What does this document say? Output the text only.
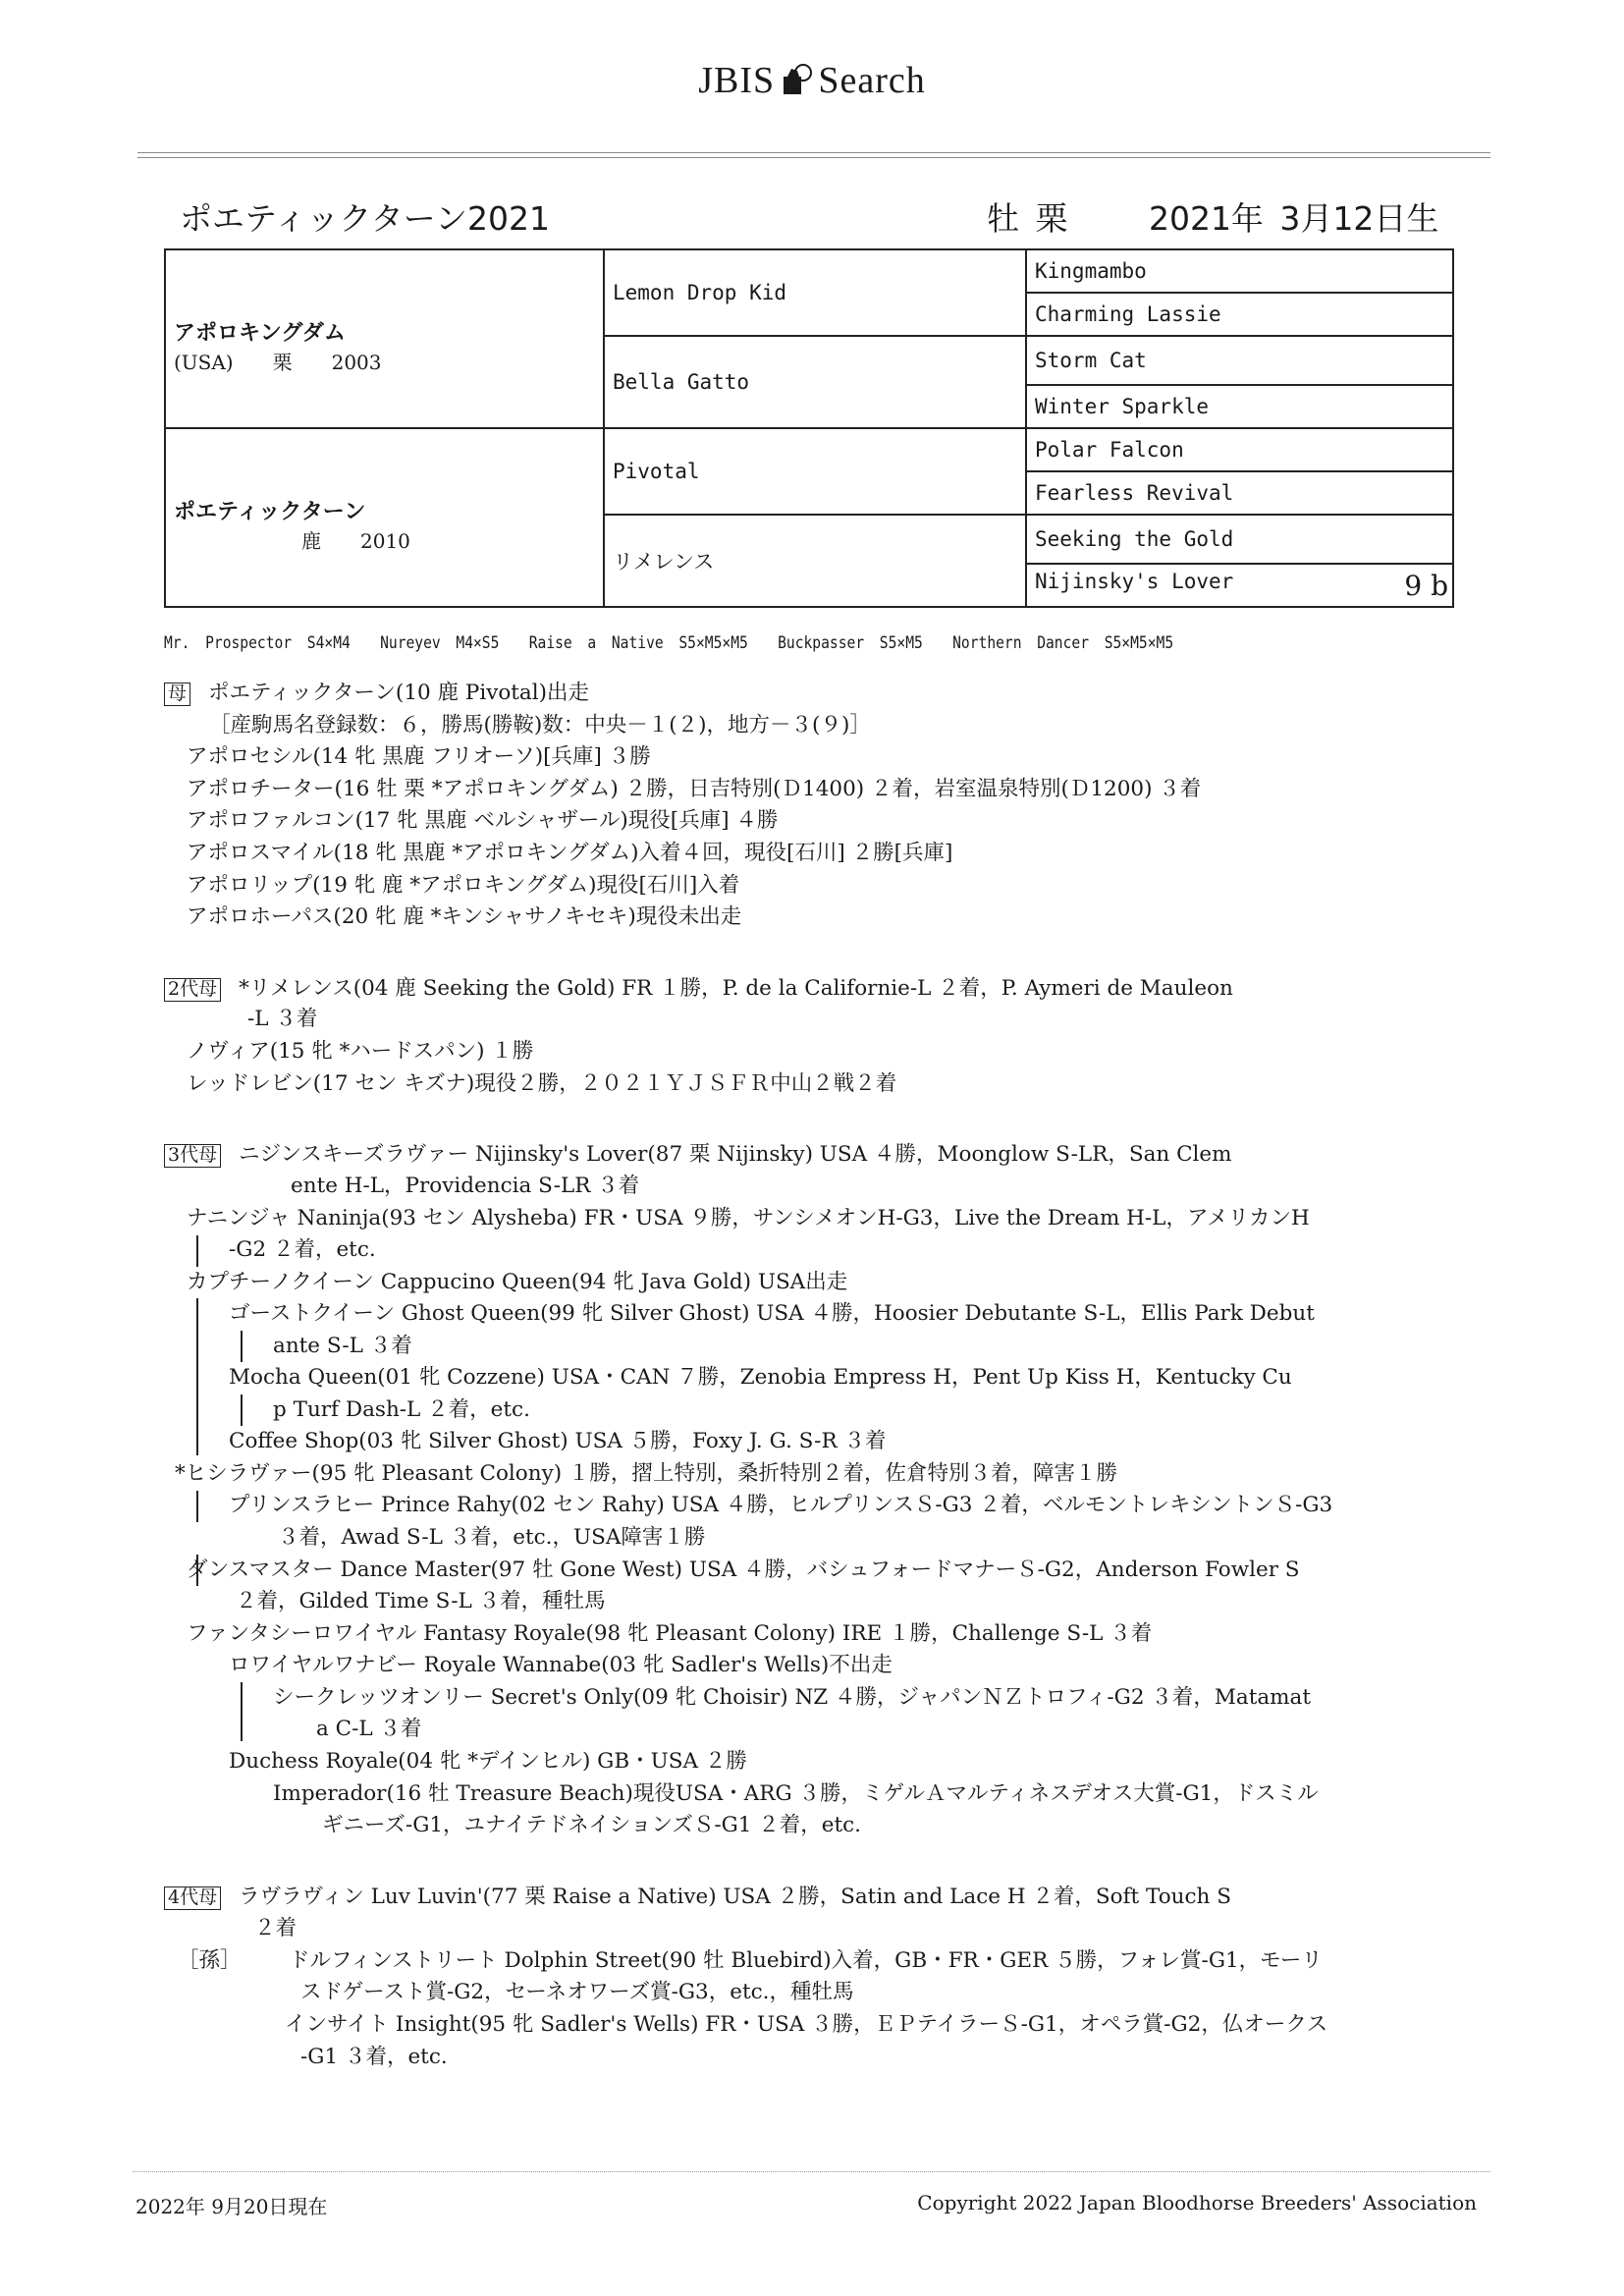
JBIS Search
ポエティックターン2021	牡 栗 2021年 3月12日生
アポロキングダム
(USA)　　栗　　2003	Lemon Drop Kid	Kingmambo
		Charming Lassie
	Bella Gatto	Storm Cat
		Winter Sparkle

ポエティックターン
鹿　　2010	Pivotal	Polar Falcon
		Fearless Revival
	リメレンス	Seeking the Gold
		Nijinsky's Lover 9 b
Mr. Prospector S4×M4　 Nureyev M4×S5　 Raise a Native S5×M5×M5　 Buckpasser S5×M5　 Northern Dancer S5×M5×M5
母 ポエティックターン(10 鹿 Pivotal)出走
［産駒馬名登録数：６，勝馬(勝鞍)数：中央－１(２)，地方－３(９)］
アポロセシル(14 牝 黒鹿 フリオーソ)[兵庫] ３勝
アポロチーター(16 牡 栗 *アポロキングダム) ２勝，日吉特別(Ｄ1400) ２着，岩室温泉特別(Ｄ1200) ３着
アポロファルコン(17 牝 黒鹿 ベルシャザール)現役[兵庫] ４勝
アポロスマイル(18 牝 黒鹿 *アポロキングダム)入着４回，現役[石川] ２勝[兵庫]
アポロリップ(19 牝 鹿 *アポロキングダム)現役[石川]入着
アポロホーパス(20 牝 鹿 *キンシャサノキセキ)現役未出走
2代母 *リメレンス(04 鹿 Seeking the Gold) FR １勝，P. de la Californie-L ２着，P. Aymeri de Mauleon
-L ３着
ノヴィア(15 牝 *ハードスパン) １勝
レッドレビン(17 セン キズナ)現役２勝，２０２１ＹＪＳＦＲ中山２戦２着
3代母 ニジンスキーズラヴァー Nijinsky's Lover(87 栗 Nijinsky) USA ４勝，Moonglow S-LR，San Clem
ente H-L，Providencia S-LR ３着
ナニンジャ Naninja(93 セン Alysheba) FR・USA ９勝，サンシメオンH-G3，Live the Dream H-L，アメリカンH
-G2 ２着，etc.
カプチーノクイーン Cappucino Queen(94 牝 Java Gold) USA出走
ゴーストクイーン Ghost Queen(99 牝 Silver Ghost) USA ４勝，Hoosier Debutante S-L，Ellis Park Debut
ante S-L ３着
Mocha Queen(01 牝 Cozzene) USA・CAN ７勝，Zenobia Empress H，Pent Up Kiss H，Kentucky Cu
p Turf Dash-L ２着，etc.
Coffee Shop(03 牝 Silver Ghost) USA ５勝，Foxy J. G. S-R ３着
*ヒシラヴァー(95 牝 Pleasant Colony) １勝，摺上特別，桑折特別２着，佐倉特別３着，障害１勝
プリンスラヒー Prince Rahy(02 セン Rahy) USA ４勝，ヒルプリンスＳ-G3 ２着，ベルモントレキシントンＳ-G3
３着，Awad S-L ３着，etc.，USA障害１勝
ダンスマスター Dance Master(97 牡 Gone West) USA ４勝，バシュフォードマナーＳ-G2，Anderson Fowler S
２着，Gilded Time S-L ３着，種牡馬
ファンタシーロワイヤル Fantasy Royale(98 牝 Pleasant Colony) IRE １勝，Challenge S-L ３着
ロワイヤルワナビー Royale Wannabe(03 牝 Sadler's Wells)不出走
シークレッツオンリー Secret's Only(09 牝 Choisir) NZ ４勝，ジャパンＮＺトロフィ-G2 ３着，Matamat
a C-L ３着
Duchess Royale(04 牝 *デインヒル) GB・USA ２勝
Imperador(16 牡 Treasure Beach)現役USA・ARG ３勝，ミゲルＡマルティネスデオス大賞-G1，ドスミル
ギニーズ-G1，ユナイテドネイションズＳ-G1 ２着，etc.
4代母 ラヴラヴィン Luv Luvin'(77 栗 Raise a Native) USA ２勝，Satin and Lace H ２着，Soft Touch S
２着
［孫］ ドルフィンストリート Dolphin Street(90 牡 Bluebird)入着，GB・FR・GER ５勝，フォレ賞-G1，モーリ
スドゲースト賞-G2，セーネオワーズ賞-G3，etc.，種牡馬
インサイト Insight(95 牝 Sadler's Wells) FR・USA ３勝，ＥＰテイラーＳ-G1，オペラ賞-G2，仏オークス
-G1 ３着，etc.
2022年 9月20日現在	Copyright 2022 Japan Bloodhorse Breeders' Association
